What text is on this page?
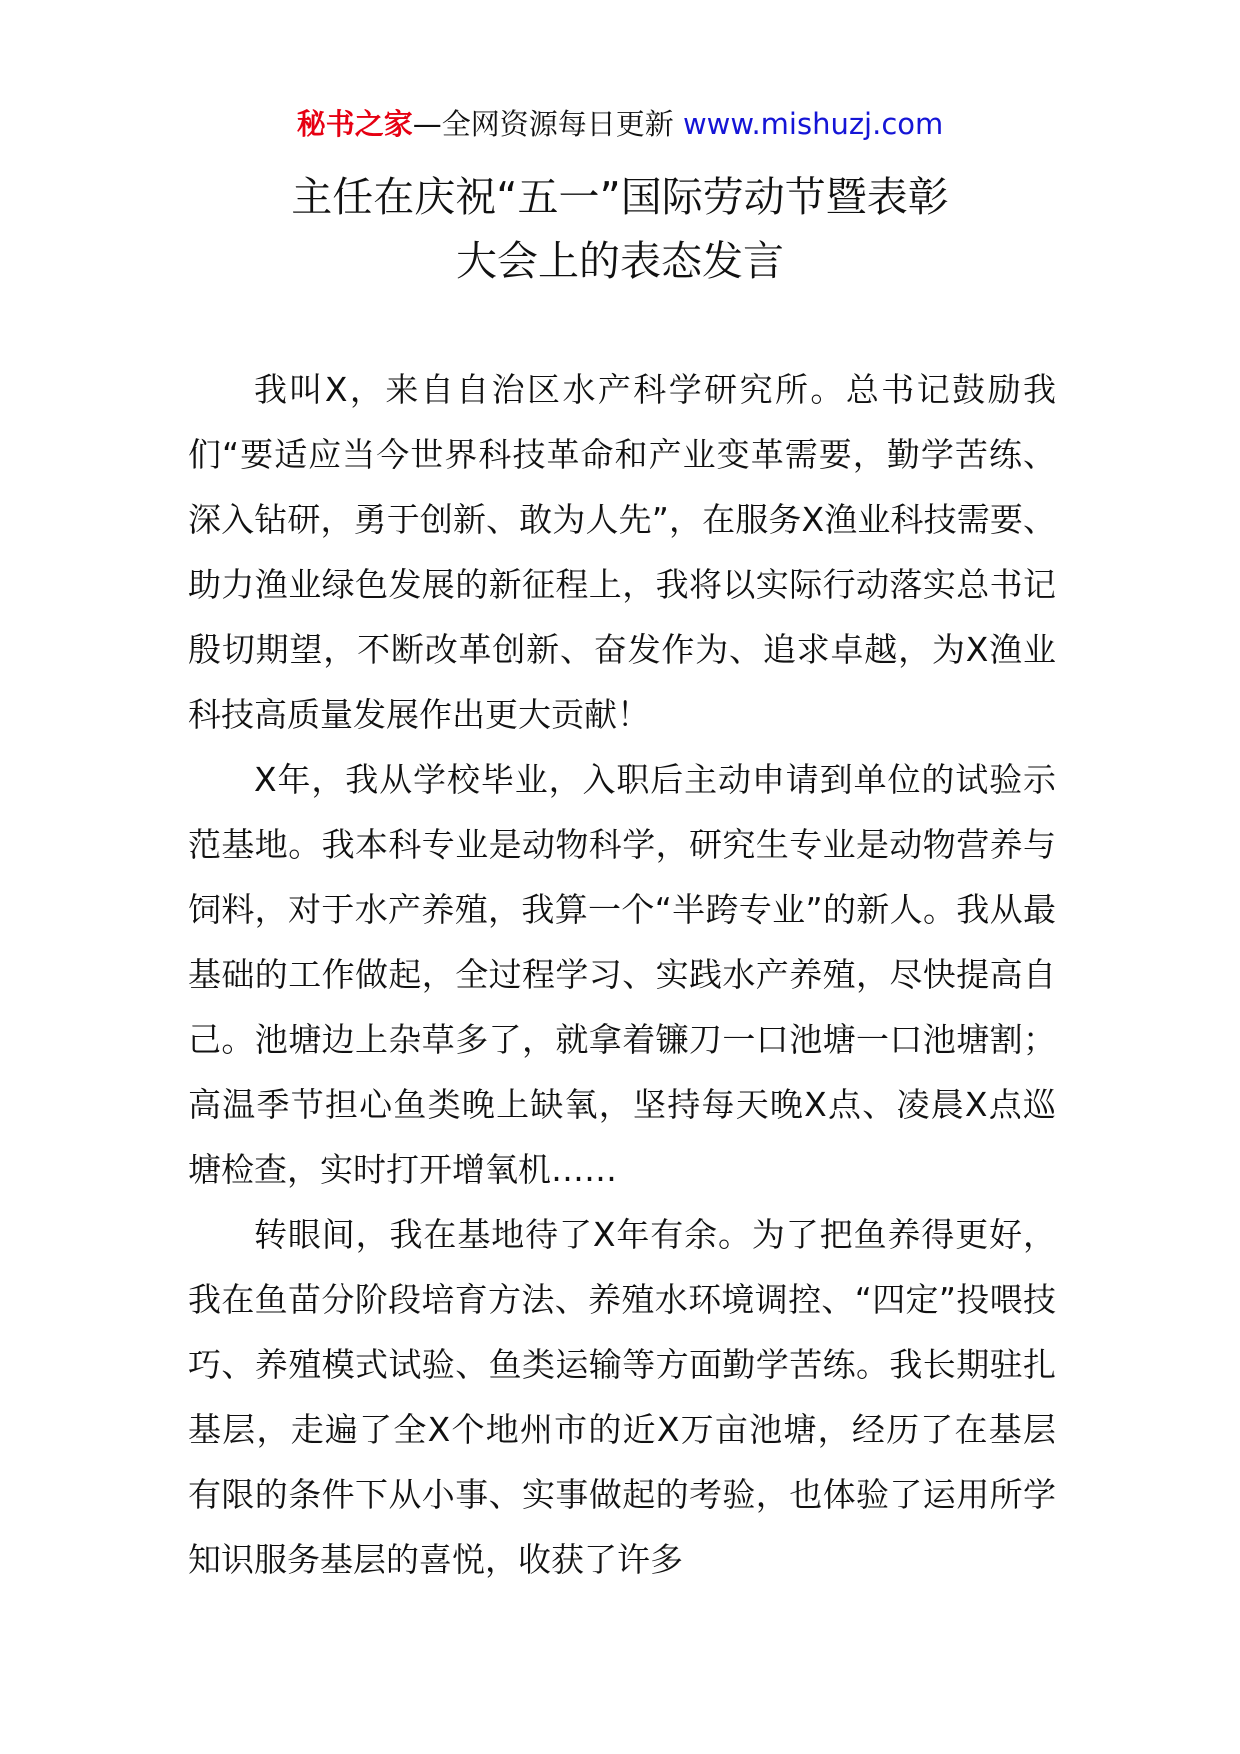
秘书之家—全网资源每日更新 www.mishuzj.com
主任在庆祝“五一”国际劳动节暨表彰
大会上的表态发言

我叫X，来自自治区水产科学研究所。总书记鼓励我们“要适应当今世界科技革命和产业变革需要，勤学苦练、深入钻研，勇于创新、敢为人先”，在服务X渔业科技需要、助力渔业绿色发展的新征程上，我将以实际行动落实总书记殷切期望，不断改革创新、奋发作为、追求卓越，为X渔业科技高质量发展作出更大贡献！

X年，我从学校毕业，入职后主动申请到单位的试验示范基地。我本科专业是动物科学，研究生专业是动物营养与饲料，对于水产养殖，我算一个“半跨专业”的新人。我从最基础的工作做起，全过程学习、实践水产养殖，尽快提高自己。池塘边上杂草多了，就拿着镰刀一口池塘一口池塘割；高温季节担心鱼类晚上缺氧，坚持每天晚X点、凌晨X点巡塘检查，实时打开增氧机……

转眼间，我在基地待了X年有余。为了把鱼养得更好，我在鱼苗分阶段培育方法、养殖水环境调控、“四定”投喂技巧、养殖模式试验、鱼类运输等方面勤学苦练。我长期驻扎基层，走遍了全X个地州市的近X万亩池塘，经历了在基层有限的条件下从小事、实事做起的考验，也体验了运用所学知识服务基层的喜悦，收获了许多
